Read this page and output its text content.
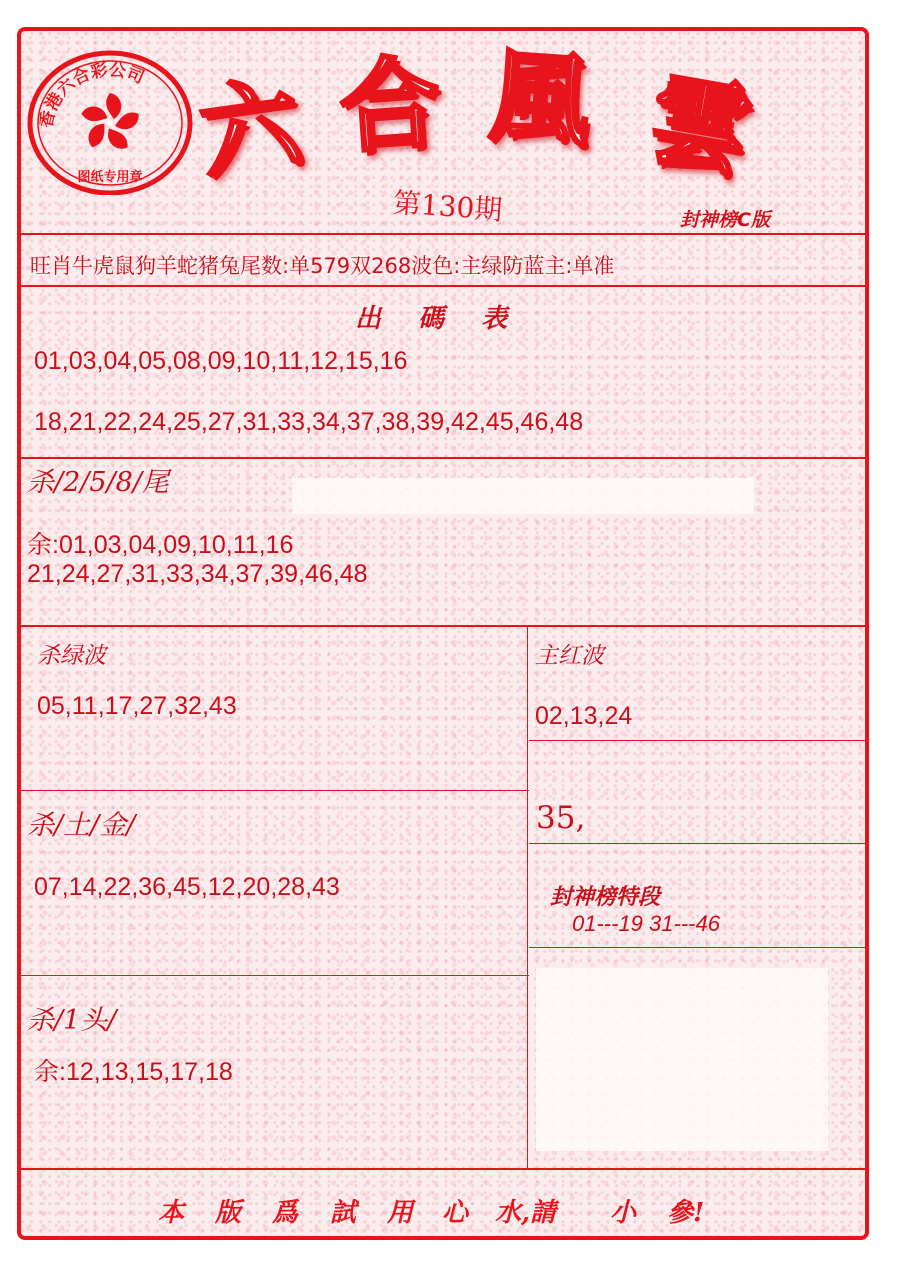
香港六合彩公司
图纸专用章 六 合 風 雲
第130期	封神榜C版
旺肖牛虎鼠狗羊蛇猪兔尾数:单579双268波色:主绿防蓝主:单准
出 碼 表
01,03,04,05,08,09,10,11,12,15,16
18,21,22,24,25,27,31,33,34,37,38,39,42,45,46,48
杀/2/5/8/尾
余:01,03,04,09,10,11,16
21,24,27,31,33,34,37,39,46,48
杀绿波
05,11,17,27,32,43
主红波
02,13,24
杀/土/金/
07,14,22,36,45,12,20,28,43
35,
封神榜特段
01---19 31---46
杀/1头/
余:12,13,15,17,18
本 版 爲 試 用 心 水,請 小 參!
